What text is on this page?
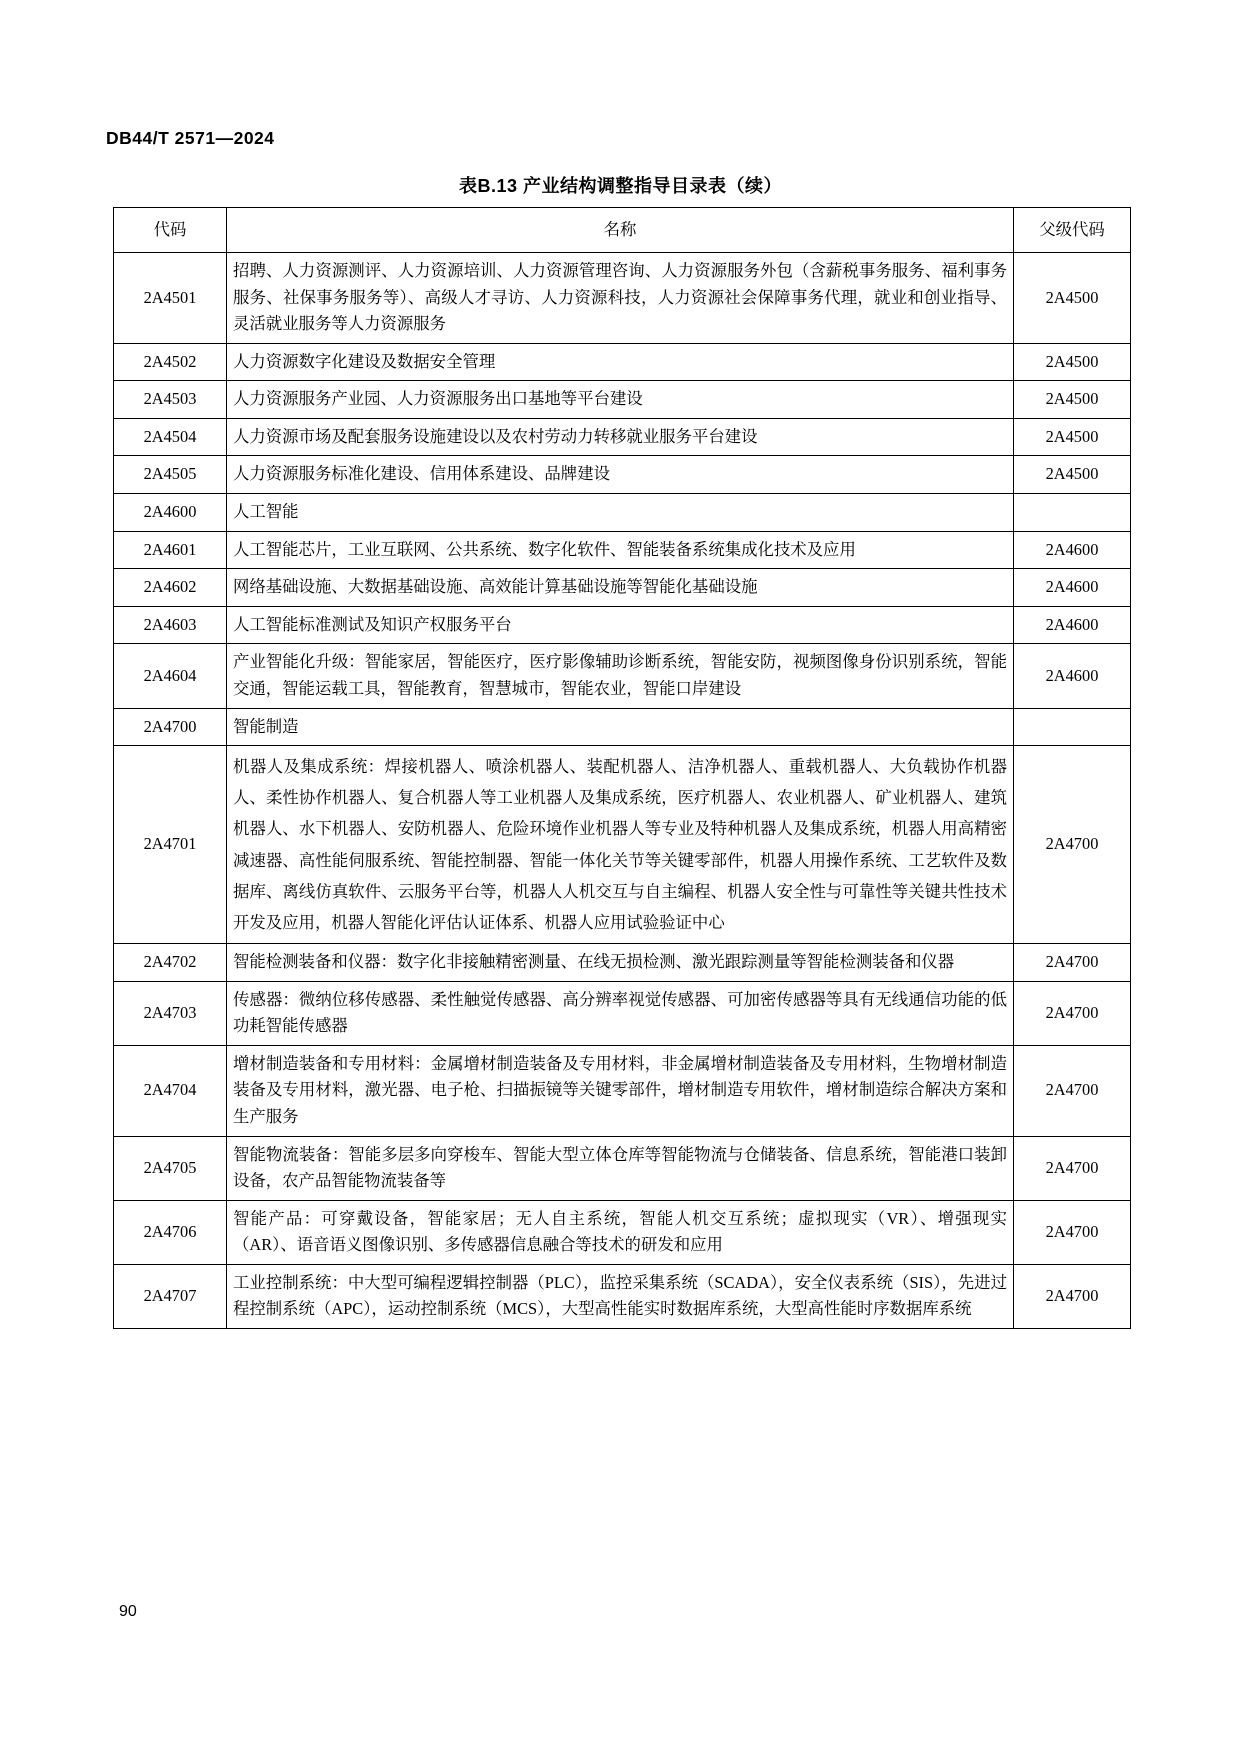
DB44/T 2571—2024
表B.13 产业结构调整指导目录表（续）
代码	名称	父级代码
2A4501	招聘、人力资源测评、人力资源培训、人力资源管理咨询、人力资源服务外包（含薪税事务服务、福利事务服务、社保事务服务等）、高级人才寻访、人力资源科技，人力资源社会保障事务代理，就业和创业指导、灵活就业服务等人力资源服务	2A4500
2A4502	人力资源数字化建设及数据安全管理	2A4500
2A4503	人力资源服务产业园、人力资源服务出口基地等平台建设	2A4500
2A4504	人力资源市场及配套服务设施建设以及农村劳动力转移就业服务平台建设	2A4500
2A4505	人力资源服务标准化建设、信用体系建设、品牌建设	2A4500
2A4600	人工智能	
2A4601	人工智能芯片，工业互联网、公共系统、数字化软件、智能装备系统集成化技术及应用	2A4600
2A4602	网络基础设施、大数据基础设施、高效能计算基础设施等智能化基础设施	2A4600
2A4603	人工智能标准测试及知识产权服务平台	2A4600
2A4604	产业智能化升级：智能家居，智能医疗，医疗影像辅助诊断系统，智能安防，视频图像身份识别系统，智能交通，智能运载工具，智能教育，智慧城市，智能农业，智能口岸建设	2A4600
2A4700	智能制造	
2A4701	机器人及集成系统：焊接机器人、喷涂机器人、装配机器人、洁净机器人、重载机器人、大负载协作机器人、柔性协作机器人、复合机器人等工业机器人及集成系统，医疗机器人、农业机器人、矿业机器人、建筑机器人、水下机器人、安防机器人、危险环境作业机器人等专业及特种机器人及集成系统，机器人用高精密减速器、高性能伺服系统、智能控制器、智能一体化关节等关键零部件，机器人用操作系统、工艺软件及数据库、离线仿真软件、云服务平台等，机器人人机交互与自主编程、机器人安全性与可靠性等关键共性技术开发及应用，机器人智能化评估认证体系、机器人应用试验验证中心	2A4700
2A4702	智能检测装备和仪器：数字化非接触精密测量、在线无损检测、激光跟踪测量等智能检测装备和仪器	2A4700
2A4703	传感器：微纳位移传感器、柔性触觉传感器、高分辨率视觉传感器、可加密传感器等具有无线通信功能的低功耗智能传感器	2A4700
2A4704	增材制造装备和专用材料：金属增材制造装备及专用材料，非金属增材制造装备及专用材料，生物增材制造装备及专用材料，激光器、电子枪、扫描振镜等关键零部件，增材制造专用软件，增材制造综合解决方案和生产服务	2A4700
2A4705	智能物流装备：智能多层多向穿梭车、智能大型立体仓库等智能物流与仓储装备、信息系统，智能港口装卸设备，农产品智能物流装备等	2A4700
2A4706	智能产品：可穿戴设备，智能家居；无人自主系统，智能人机交互系统；虚拟现实（VR）、增强现实（AR）、语音语义图像识别、多传感器信息融合等技术的研发和应用	2A4700
2A4707	工业控制系统：中大型可编程逻辑控制器（PLC），监控采集系统（SCADA），安全仪表系统（SIS），先进过程控制系统（APC），运动控制系统（MCS），大型高性能实时数据库系统，大型高性能时序数据库系统	2A4700
90
